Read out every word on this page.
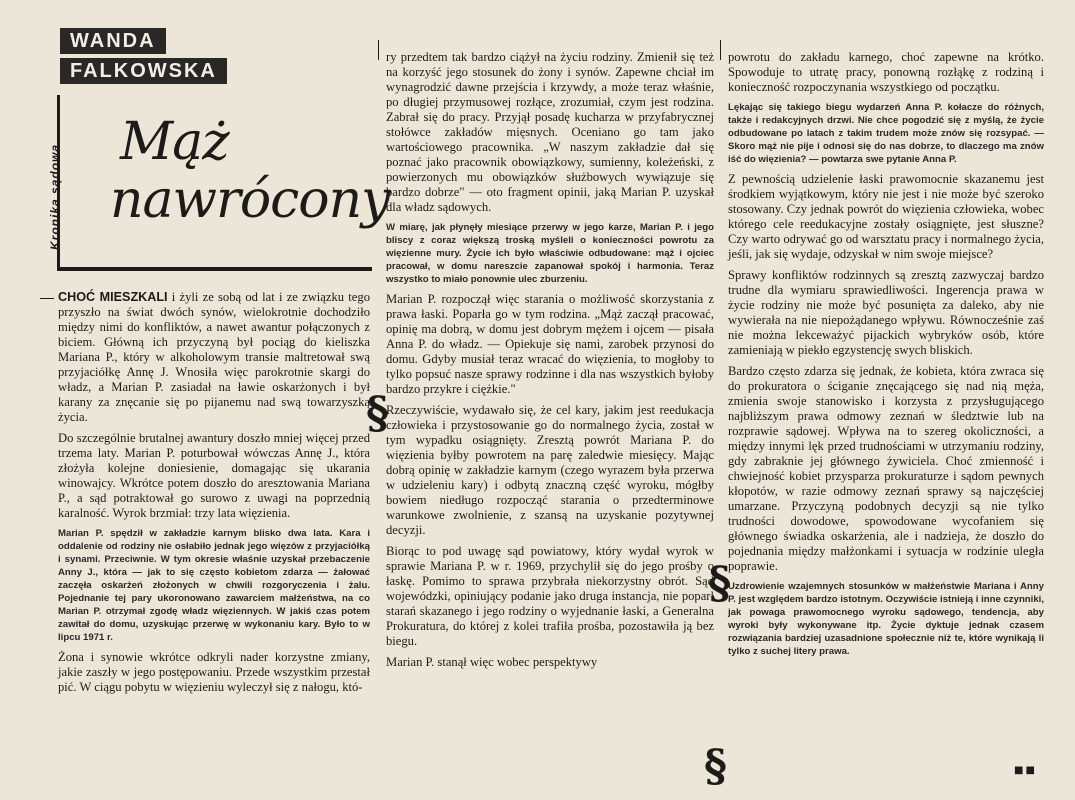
WANDA
FALKOWSKA
Kronika sądowa
Mąż
nawrócony

CHOĆ MIESZKALI i żyli ze sobą od lat i ze związku tego przyszło na świat dwóch synów, wielokrotnie dochodziło między nimi do konfliktów, a nawet awantur połączonych z biciem. Główną ich przyczyną był pociąg do kieliszka Mariana P., który w alkoholowym transie maltretował swą przyjaciółkę Annę J. Wnosiła więc parokrotnie skargi do władz, a Marian P. zasiadał na ławie oskarżonych i był karany za znęcanie się po pijanemu nad swą towarzyszką życia.

Do szczególnie brutalnej awantury doszło mniej więcej przed trzema laty. Marian P. poturbował wówczas Annę J., która złożyła kolejne doniesienie, domagając się ukarania winowajcy. Wkrótce potem doszło do aresztowania Mariana P., a sąd potraktował go surowo z uwagi na poprzednią karalność. Wyrok brzmiał: trzy lata więzienia.

Marian P. spędził w zakładzie karnym blisko dwa lata. Kara i oddalenie od rodziny nie osłabiło jednak jego więzów z przyjaciółką i synami. Przeciwnie. W tym okresie właśnie uzyskał przebaczenie Anny J., która — jak to się często kobietom zdarza — żałować zaczęła oskarżeń złożonych w chwili rozgoryczenia i żalu. Pojednanie tej pary ukoronowano zawarciem małżeństwa, na co Marian P. otrzymał zgodę władz więziennych. W jakiś czas potem zawitał do domu, uzyskując przerwę w wykonaniu kary. Było to w lipcu 1971 r.

Żona i synowie wkrótce odkryli nader korzystne zmiany, jakie zaszły w jego postępowaniu. Przede wszystkim przestał pić. W ciągu pobytu w więzieniu wyleczył się z nałogu, któ-

ry przedtem tak bardzo ciążył na życiu rodziny. Zmienił się też na korzyść jego stosunek do żony i synów. Zapewne chciał im wynagrodzić dawne przejścia i krzywdy, a może teraz właśnie, po długiej przymusowej rozłące, zrozumiał, czym jest rodzina. Zabrał się do pracy. Przyjął posadę kucharza w przyfabrycznej stołówce zakładów mięsnych. Oceniano go tam jako wartościowego pracownika. „W naszym zakładzie dał się poznać jako pracownik obowiązkowy, sumienny, koleżeński, z powierzonych mu obowiązków służbowych wywiązuje się bardzo dobrze" — oto fragment opinii, jaką Marian P. uzyskał dla władz sądowych.

W miarę, jak płynęły miesiące przerwy w jego karze, Marian P. i jego bliscy z coraz większą troską myśleli o konieczności powrotu za więzienne mury. Życie ich było właściwie odbudowane: mąż i ojciec pracował, w domu nareszcie zapanował spokój i harmonia. Teraz wszystko to miało ponownie ulec zburzeniu.

Marian P. rozpoczął więc starania o możliwość skorzystania z prawa łaski. Poparła go w tym rodzina. „Mąż zaczął pracować, opinię ma dobrą, w domu jest dobrym mężem i ojcem — pisała Anna P. do władz. — Opiekuje się nami, zarobek przynosi do domu. Gdyby musiał teraz wracać do więzienia, to mogłoby to tylko popsuć nasze sprawy rodzinne i dla nas wszystkich byłoby bardzo przykre i ciężkie."

Rzeczywiście, wydawało się, że cel kary, jakim jest reedukacja człowieka i przystosowanie go do normalnego życia, został w tym wypadku osiągnięty. Zresztą powrót Mariana P. do więzienia byłby powrotem na parę zaledwie miesięcy. Mając dobrą opinię w zakładzie karnym (czego wyrazem była przerwa w udzieleniu kary) i odbytą znaczną część wyroku, mógłby bowiem niedługo rozpocząć starania o przedterminowe warunkowe zwolnienie, z szansą na uzyskanie pozytywnej decyzji.

Biorąc to pod uwagę sąd powiatowy, który wydał wyrok w sprawie Mariana P. w r. 1969, przychylił się do jego prośby o łaskę. Pomimo to sprawa przybrała niekorzystny obrót. Sąd wojewódzki, opiniujący podanie jako druga instancja, nie poparł starań skazanego i jego rodziny o wyjednanie łaski, a Generalna Prokuratura, do której z kolei trafiła prośba, pozostawiła ją bez biegu.

Marian P. stanął więc wobec perspektywy

powrotu do zakładu karnego, choć zapewne na krótko. Spowoduje to utratę pracy, ponowną rozłąkę z rodziną i konieczność rozpoczynania wszystkiego od początku.

Lękając się takiego biegu wydarzeń Anna P. kołacze do różnych, także i redakcyjnych drzwi. Nie chce pogodzić się z myślą, że życie odbudowane po latach z takim trudem może znów się rozsypać. — Skoro mąż nie pije i odnosi się do nas dobrze, to dlaczego ma znów iść do więzienia? — powtarza swe pytanie Anna P.

Z pewnością udzielenie łaski prawomocnie skazanemu jest środkiem wyjątkowym, który nie jest i nie może być szeroko stosowany. Czy jednak powrót do więzienia człowieka, wobec którego cele reedukacyjne zostały osiągnięte, jest słuszne? Czy warto odrywać go od warsztatu pracy i normalnego życia, jeśli, jak się wydaje, odzyskał w nim swoje miejsce?

Sprawy konfliktów rodzinnych są zresztą zazwyczaj bardzo trudne dla wymiaru sprawiedliwości. Ingerencja prawa w życie rodziny nie może być posunięta za daleko, aby nie wywierała na nie niepożądanego wpływu. Równocześnie zaś nie można lekceważyć pijackich wybryków osób, które zamieniają w piekło egzystencję swych bliskich.

Bardzo często zdarza się jednak, że kobieta, która zwraca się do prokuratora o ściganie znęcającego się nad nią męża, zmienia swoje stanowisko i korzysta z przysługującego najbliższym prawa odmowy zeznań w śledztwie lub na rozprawie sądowej. Wpływa na to szereg okoliczności, a między innymi lęk przed trudnościami w utrzymaniu rodziny, gdy zabraknie jej głównego żywiciela. Choć zmienność i chwiejność kobiet przysparza prokuraturze i sądom pewnych kłopotów, w razie odmowy zeznań sprawy są najczęściej umarzane. Przyczyną podobnych decyzji są nie tylko trudności dowodowe, spowodowane wycofaniem się głównego świadka oskarżenia, ale i nadzieja, że doszło do pojednania między małżonkami i sytuacja w rodzinie uległa poprawie.

Uzdrowienie wzajemnych stosunków w małżeństwie Mariana i Anny P. jest względem bardzo istotnym. Oczywiście istnieją i inne czynniki, jak powaga prawomocnego wyroku sądowego, tendencja, aby wyroki były wykonywane itp. Życie dyktuje jednak czasem rozwiązania bardziej uzasadnione społecznie niż te, które wynikają li tylko z suchej litery prawa.

§
§
§	■■
